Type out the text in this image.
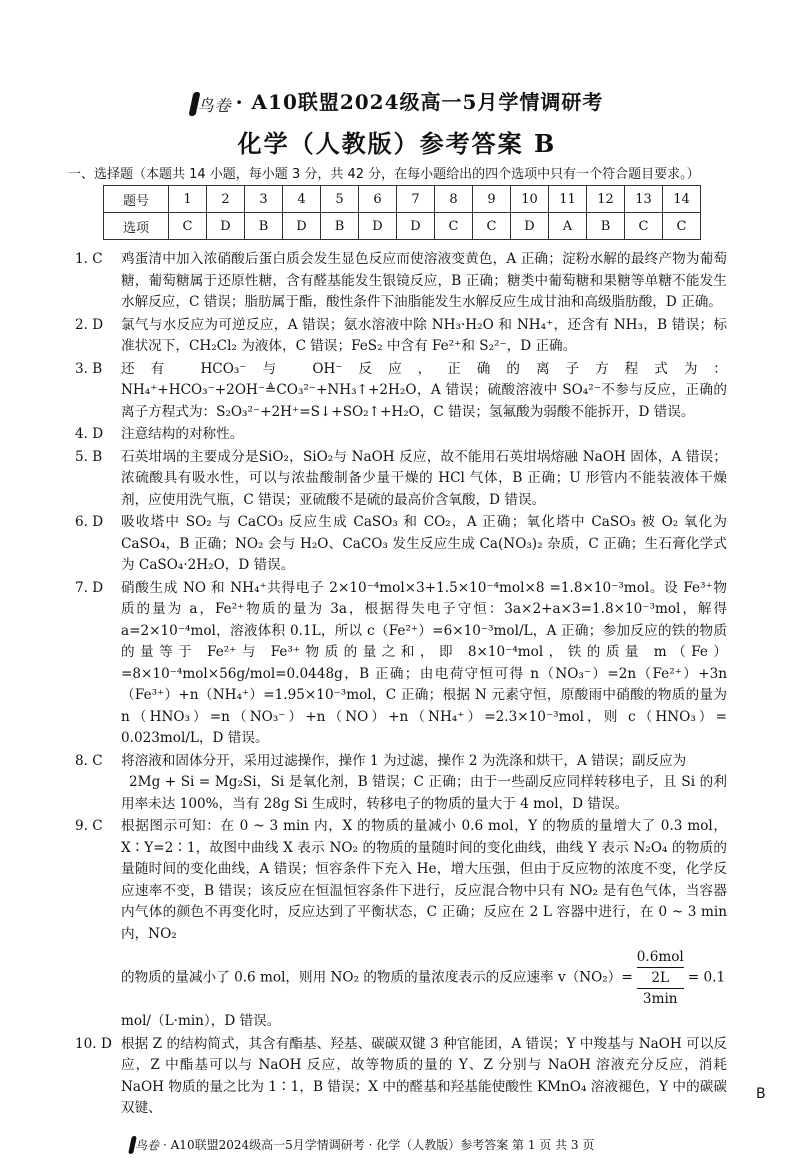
鸟卷 · A10联盟2024级高一5月学情调研考
化学（人教版）参考答案 B
一、选择题（本题共 14 小题，每小题 3 分，共 42 分，在每小题给出的四个选项中只有一个符合题目要求。）
题号	1	2	3	4	5	6	7	8	9	10	11	12	13	14
选项	C	D	B	D	B	D	D	C	C	D	A	B	C	C
1. C	鸡蛋清中加入浓硝酸后蛋白质会发生显色反应而使溶液变黄色，A 正确；淀粉水解的最终产物为葡萄糖，葡萄糖属于还原性糖，含有醛基能发生银镜反应，B 正确；糖类中葡萄糖和果糖等单糖不能发生水解反应，C 错误；脂肪属于酯，酸性条件下油脂能发生水解反应生成甘油和高级脂肪酸，D 正确。
2. D	氯气与水反应为可逆反应，A 错误；氨水溶液中除 NH₃·H₂O 和 NH₄⁺，还含有 NH₃，B 错误；标准状况下，CH₂Cl₂ 为液体，C 错误；FeS₂ 中含有 Fe²⁺和 S₂²⁻，D 正确。
3. B	还有 HCO₃⁻与 OH⁻反应，正确的离子方程式为：NH₄⁺+HCO₃⁻+2OH⁻≜CO₃²⁻+NH₃↑+2H₂O，A 错误；硫酸溶液中 SO₄²⁻不参与反应，正确的离子方程式为：S₂O₃²⁻+2H⁺=S↓+SO₂↑+H₂O，C 错误；氢氟酸为弱酸不能拆开，D 错误。
4. D	注意结构的对称性。
5. B	石英坩埚的主要成分是SiO₂，SiO₂与 NaOH 反应，故不能用石英坩埚熔融 NaOH 固体，A 错误；浓硫酸具有吸水性，可以与浓盐酸制备少量干燥的 HCl 气体，B 正确；U 形管内不能装液体干燥剂，应使用洗气瓶，C 错误；亚硫酸不是硫的最高价含氧酸，D 错误。
6. D	吸收塔中 SO₂ 与 CaCO₃ 反应生成 CaSO₃ 和 CO₂，A 正确；氧化塔中 CaSO₃ 被 O₂ 氧化为 CaSO₄，B 正确；NO₂ 会与 H₂O、CaCO₃ 发生反应生成 Ca(NO₃)₂ 杂质，C 正确；生石膏化学式为 CaSO₄·2H₂O，D 错误。
7. D	硝酸生成 NO 和 NH₄⁺共得电子 2×10⁻⁴mol×3+1.5×10⁻⁴mol×8 =1.8×10⁻³mol。设 Fe³⁺物质的量为 a，Fe²⁺物质的量为 3a，根据得失电子守恒：3a×2+a×3=1.8×10⁻³mol，解得 a=2×10⁻⁴mol，溶液体积 0.1L，所以 c（Fe²⁺）=6×10⁻³mol/L，A 正确；参加反应的铁的物质的量等于 Fe²⁺与 Fe³⁺物质的量之和，即 8×10⁻⁴mol，铁的质量 m（Fe）=8×10⁻⁴mol×56g/mol=0.0448g，B 正确；由电荷守恒可得 n（NO₃⁻）=2n（Fe²⁺）+3n（Fe³⁺）+n（NH₄⁺）=1.95×10⁻³mol，C 正确；根据 N 元素守恒，原酸雨中硝酸的物质的量为 n（HNO₃）=n（NO₃⁻）+n（NO）+n（NH₄⁺）=2.3×10⁻³mol，则 c（HNO₃）= 0.023mol/L，D 错误。
8. C	将溶液和固体分开，采用过滤操作，操作 1 为过滤，操作 2 为洗涤和烘干，A 错误；副反应为
2Mg + Si = Mg₂Si，Si 是氧化剂，B 错误；C 正确；由于一些副反应同样转移电子，且 Si 的利用率未达 100%，当有 28g Si 生成时，转移电子的物质的量大于 4 mol，D 错误。
9. C	根据图示可知：在 0 ~ 3 min 内，X 的物质的量减小 0.6 mol，Y 的物质的量增大了 0.3 mol，X∶Y=2∶1，故图中曲线 X 表示 NO₂ 的物质的量随时间的变化曲线，曲线 Y 表示 N₂O₄ 的物质的量随时间的变化曲线，A 错误；恒容条件下充入 He，增大压强，但由于反应物的浓度不变，化学反应速率不变，B 错误；该反应在恒温恒容条件下进行，反应混合物中只有 NO₂ 是有色气体，当容器内气体的颜色不再变化时，反应达到了平衡状态，C 正确；反应在 2 L 容器中进行，在 0 ~ 3 min 内，NO₂
的物质的量减小了 0.6 mol，则用 NO₂ 的物质的量浓度表示的反应速率 v（NO₂）=
0.6mol
2L
3min
= 0.1
mol/（L·min），D 错误。
10. D 根据 Z 的结构简式，其含有酯基、羟基、碳碳双键 3 种官能团，A 错误；Y 中羧基与 NaOH 可以反应，Z 中酯基可以与 NaOH 反应，故等物质的量的 Y、Z 分别与 NaOH 溶液充分反应，消耗 NaOH 物质的量之比为 1∶1，B 错误；X 中的醛基和羟基能使酸性 KMnO₄ 溶液褪色，Y 中的碳碳双键、
鸟卷 · A10联盟2024级高一5月学情调研考 · 化学（人教版）参考答案 第 1 页 共 3 页
B
